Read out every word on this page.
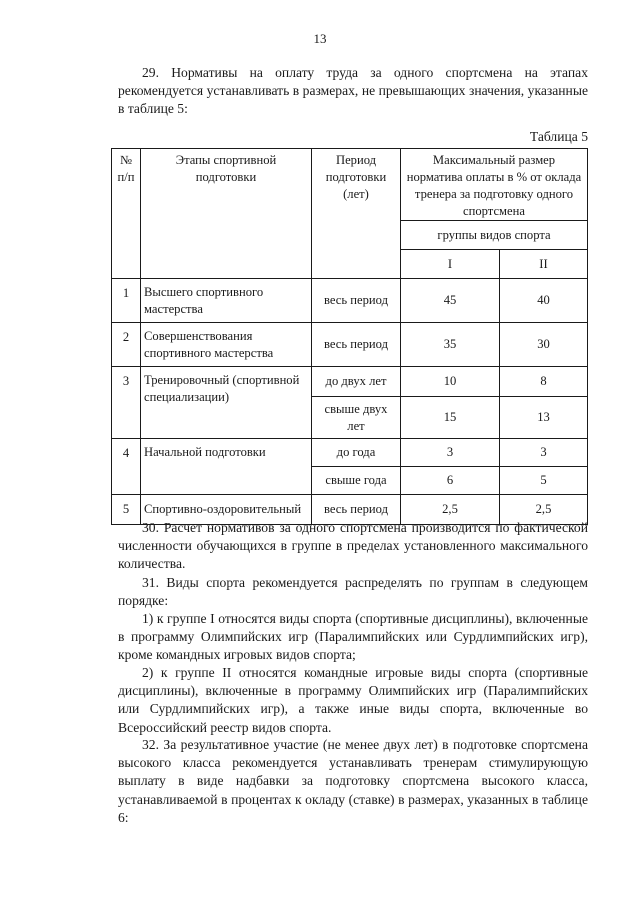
13
29. Нормативы на оплату труда за одного спортсмена на этапах рекомендуется устанавливать в размерах, не превышающих значения, указанные в таблице 5:
Таблица 5
№ п/п	Этапы спортивной подготовки	Период подготовки (лет)	Максимальный размер норматива оплаты в % от оклада тренера за подготовку одного спортсмена	
			группы видов спорта	
			I	II
1	Высшего спортивного мастерства	весь период	45	40
2	Совершенствования спортивного мастерства	весь период	35	30
3	Тренировочный (спортивной специализации)	до двух лет	10	8
		свыше двух лет	15	13
4	Начальной подготовки	до года	3	3
		свыше года	6	5
5	Спортивно-оздоровительный	весь период	2,5	2,5
30. Расчет нормативов за одного спортсмена производится по фактической численности обучающихся в группе в пределах установленного максимального количества.
31. Виды спорта рекомендуется распределять по группам в следующем порядке:
1) к группе I относятся виды спорта (спортивные дисциплины), включенные в программу Олимпийских игр (Паралимпийских или Сурдлимпийских игр), кроме командных игровых видов спорта;
2) к группе II относятся командные игровые виды спорта (спортивные дисциплины), включенные в программу Олимпийских игр (Паралимпийских или Сурдлимпийских игр), а также иные виды спорта, включенные во Всероссийский реестр видов спорта.
32. За результативное участие (не менее двух лет) в подготовке спортсмена высокого класса рекомендуется устанавливать тренерам стимулирующую выплату в виде надбавки за подготовку спортсмена высокого класса, устанавливаемой в процентах к окладу (ставке) в размерах, указанных в таблице 6:
